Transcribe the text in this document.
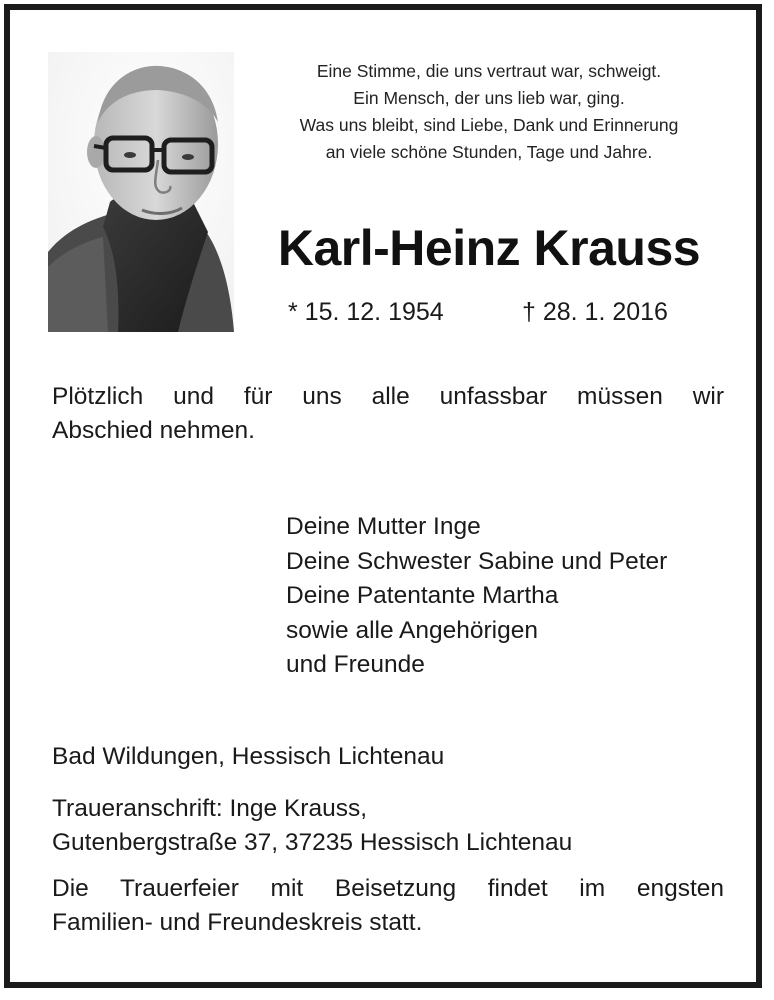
Eine Stimme, die uns vertraut war, schweigt.
Ein Mensch, der uns lieb war, ging.
Was uns bleibt, sind Liebe, Dank und Erinnerung
an viele schöne Stunden, Tage und Jahre.
Karl-Heinz Krauss
* 15. 12. 1954	† 28. 1. 2016
Plötzlich und für uns alle unfassbar müssen wir
Abschied nehmen.
Deine Mutter Inge
Deine Schwester Sabine und Peter
Deine Patentante Martha
sowie alle Angehörigen
und Freunde
Bad Wildungen, Hessisch Lichtenau
Traueranschrift: Inge Krauss,
Gutenbergstraße 37, 37235 Hessisch Lichtenau
Die Trauerfeier mit Beisetzung findet im engsten
Familien- und Freundeskreis statt.
